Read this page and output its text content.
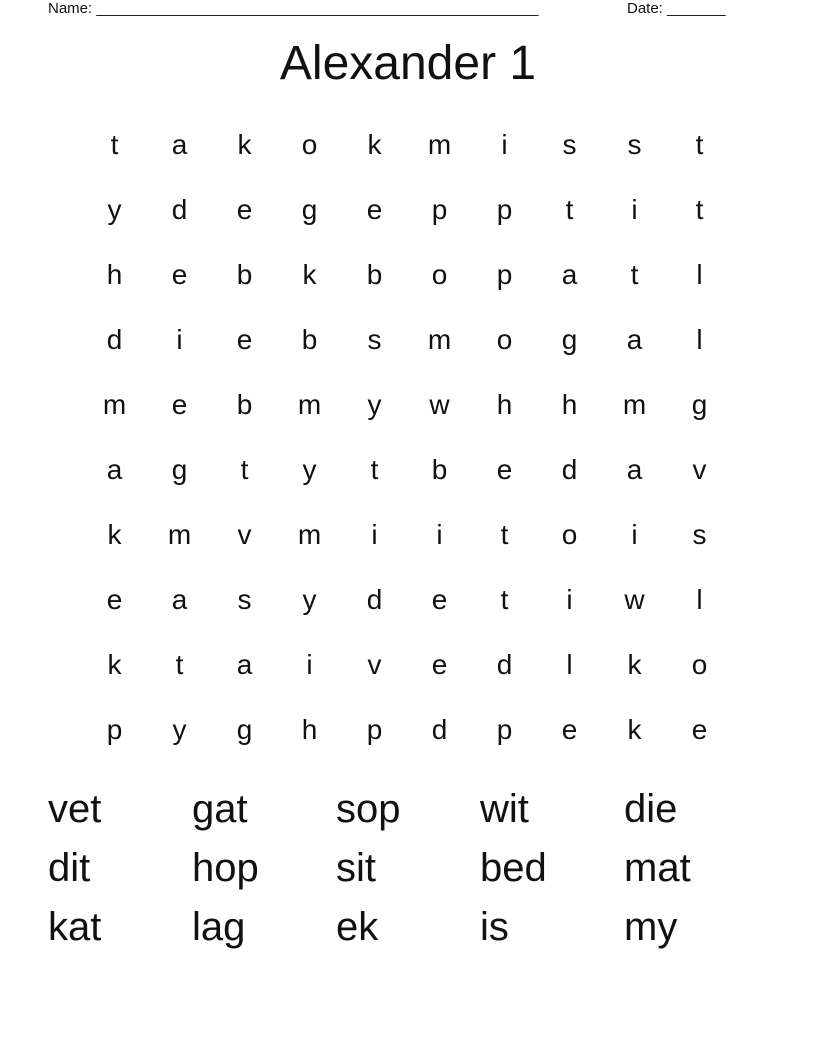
Name: _____________________________________________________	Date: _______
Alexander 1
t	a	k	o	k	m	i	s	s	t
y	d	e	g	e	p	p	t	i	t
h	e	b	k	b	o	p	a	t	l
d	i	e	b	s	m	o	g	a	l
m	e	b	m	y	w	h	h	m	g
a	g	t	y	t	b	e	d	a	v
k	m	v	m	i	i	t	o	i	s
e	a	s	y	d	e	t	i	w	l
k	t	a	i	v	e	d	l	k	o
p	y	g	h	p	d	p	e	k	e
vet	gat	sop	wit	die
dit	hop	sit	bed	mat
kat	lag	ek	is	my
